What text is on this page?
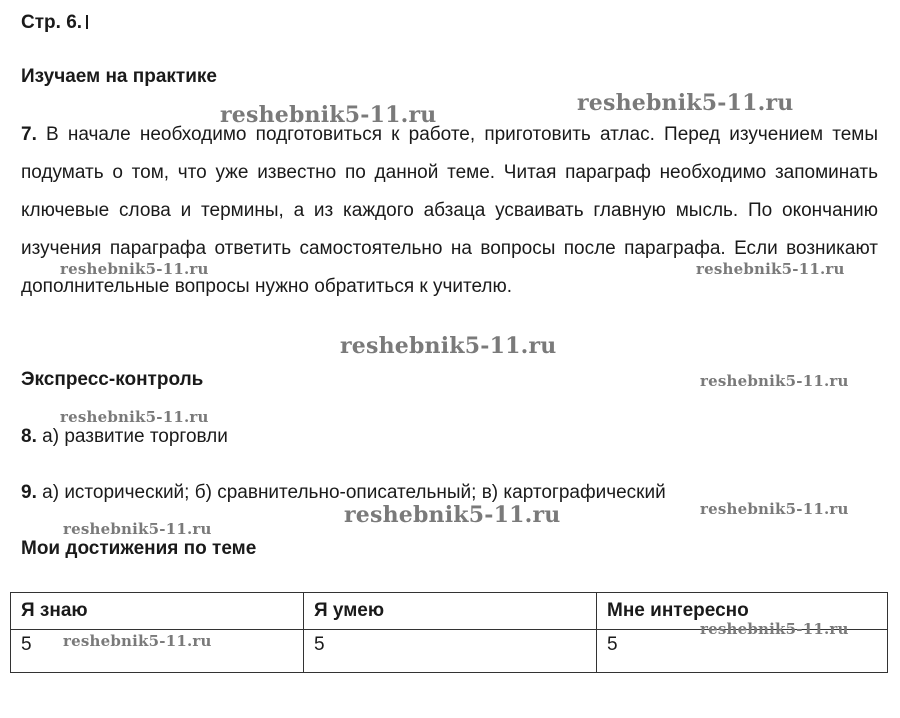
Стр. 6.
Изучаем на практике
7. В начале необходимо подготовиться к работе, приготовить атлас. Перед изучением темы подумать о том, что уже известно по данной теме. Читая параграф необходимо запоминать ключевые слова и термины, а из каждого абзаца усваивать главную мысль. По окончанию изучения параграфа ответить самостоятельно на вопросы после параграфа. Если возникают дополнительные вопросы нужно обратиться к учителю.
Экспресс-контроль
8. а) развитие торговли
9. а) исторический; б) сравнительно-описательный; в) картографический
Мои достижения по теме
Я знаю	Я умею	Мне интересно
5	5	5
reshebnik5-11.ru	reshebnik5-11.ru
reshebnik5-11.ru	reshebnik5-11.ru
reshebnik5-11.ru
reshebnik5-11.ru
reshebnik5-11.ru
reshebnik5-11.ru	reshebnik5-11.ru
reshebnik5-11.ru
reshebnik5-11.ru
reshebnik5-11.ru
